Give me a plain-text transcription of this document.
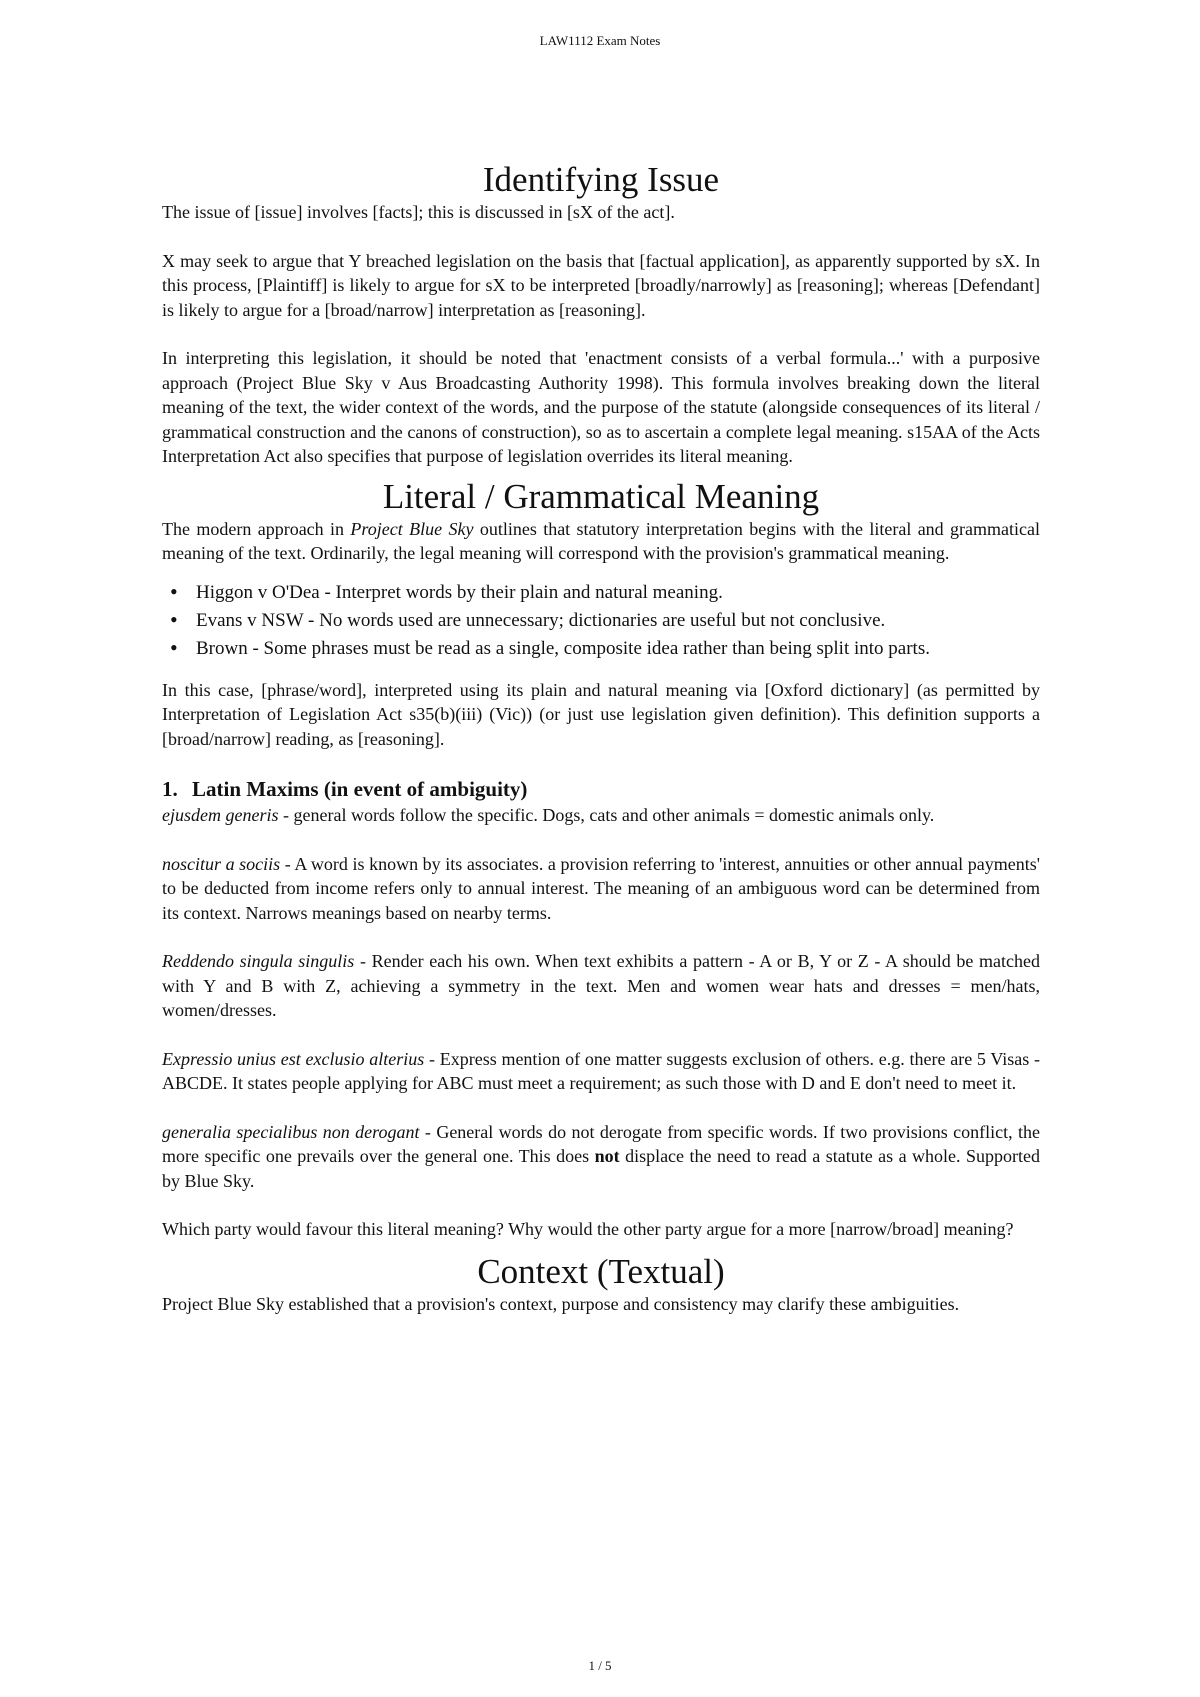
LAW1112 Exam Notes
Identifying Issue

The issue of [issue] involves [facts]; this is discussed in [sX of the act].

X may seek to argue that Y breached legislation on the basis that [factual application], as apparently supported by sX. In this process, [Plaintiff] is likely to argue for sX to be interpreted [broadly/narrowly] as [reasoning]; whereas [Defendant] is likely to argue for a [broad/narrow] interpretation as [reasoning].

In interpreting this legislation, it should be noted that 'enactment consists of a verbal formula...' with a purposive approach (Project Blue Sky v Aus Broadcasting Authority 1998). This formula involves breaking down the literal meaning of the text, the wider context of the words, and the purpose of the statute (alongside consequences of its literal / grammatical construction and the canons of construction), so as to ascertain a complete legal meaning. s15AA of the Acts Interpretation Act also specifies that purpose of legislation overrides its literal meaning.

Literal / Grammatical Meaning

The modern approach in Project Blue Sky outlines that statutory interpretation begins with the literal and grammatical meaning of the text. Ordinarily, the legal meaning will correspond with the provision's grammatical meaning.

• Higgon v O'Dea - Interpret words by their plain and natural meaning.
• Evans v NSW - No words used are unnecessary; dictionaries are useful but not conclusive.
• Brown - Some phrases must be read as a single, composite idea rather than being split into parts.

In this case, [phrase/word], interpreted using its plain and natural meaning via [Oxford dictionary] (as permitted by Interpretation of Legislation Act s35(b)(iii) (Vic)) (or just use legislation given definition). This definition supports a [broad/narrow] reading, as [reasoning].

1. Latin Maxims (in event of ambiguity)

ejusdem generis - general words follow the specific. Dogs, cats and other animals = domestic animals only.

noscitur a sociis - A word is known by its associates. a provision referring to 'interest, annuities or other annual payments' to be deducted from income refers only to annual interest. The meaning of an ambiguous word can be determined from its context. Narrows meanings based on nearby terms.

Reddendo singula singulis - Render each his own. When text exhibits a pattern - A or B, Y or Z - A should be matched with Y and B with Z, achieving a symmetry in the text. Men and women wear hats and dresses = men/hats, women/dresses.

Expressio unius est exclusio alterius - Express mention of one matter suggests exclusion of others. e.g. there are 5 Visas - ABCDE. It states people applying for ABC must meet a requirement; as such those with D and E don't need to meet it.

generalia specialibus non derogant - General words do not derogate from specific words. If two provisions conflict, the more specific one prevails over the general one. This does not displace the need to read a statute as a whole. Supported by Blue Sky.

Which party would favour this literal meaning? Why would the other party argue for a more [narrow/broad] meaning?

Context (Textual)

Project Blue Sky established that a provision's context, purpose and consistency may clarify these ambiguities.

1 / 5
